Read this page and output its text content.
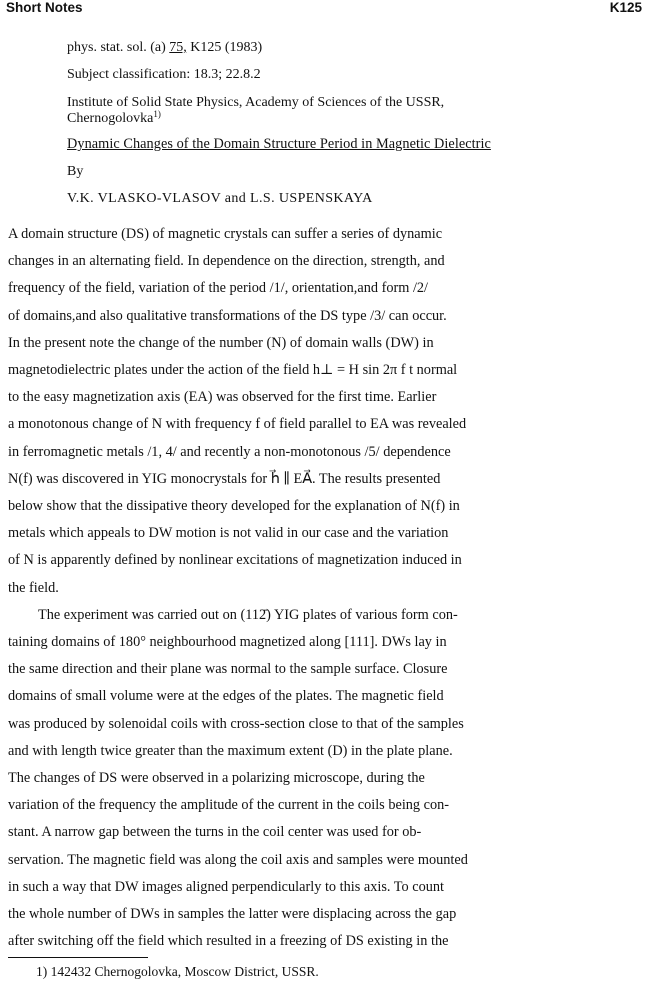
Short Notes	K125
phys. stat. sol. (a) 75, K125 (1983)
Subject classification: 18.3; 22.8.2
Institute of Solid State Physics, Academy of Sciences of the USSR,
Chernogolovka$^{1)}$
Dynamic Changes of the Domain Structure Period in Magnetic Dielectric
By
V.K. VLASKO-VLASOV and L.S. USPENSKAYA

A domain structure (DS) of magnetic crystals can suffer a series of dynamic
changes in an alternating field. In dependence on the direction, strength, and
frequency of the field, variation of the period /1/, orientation,and form /2/
of domains,and also qualitative transformations of the DS type /3/ can occur.
In the present note the change of the number (N) of domain walls (DW) in
magnetodielectric plates under the action of the field h⊥ = H sin 2π f t normal
to the easy magnetization axis (EA) was observed for the first time. Earlier
a monotonous change of N with frequency f of field parallel to EA was revealed
in ferromagnetic metals /1, 4/ and recently a non-monotonous /5/ dependence
N(f) was discovered in YIG monocrystals for h⃗ ∥ EA⃗. The results presented
below show that the dissipative theory developed for the explanation of N(f) in
metals which appeals to DW motion is not valid in our case and the variation
of N is apparently defined by nonlinear excitations of magnetization induced in
the field.

The experiment was carried out on (112̄) YIG plates of various form con-
taining domains of 180° neighbourhood magnetized along [111]. DWs lay in
the same direction and their plane was normal to the sample surface. Closure
domains of small volume were at the edges of the plates. The magnetic field
was produced by solenoidal coils with cross-section close to that of the samples
and with length twice greater than the maximum extent (D) in the plate plane.
The changes of DS were observed in a polarizing microscope, during the
variation of the frequency the amplitude of the current in the coils being con-
stant. A narrow gap between the turns in the coil center was used for ob-
servation. The magnetic field was along the coil axis and samples were mounted
in such a way that DW images aligned perpendicularly to this axis. To count
the whole number of DWs in samples the latter were displacing across the gap
after switching off the field which resulted in a freezing of DS existing in the

1) 142432 Chernogolovka, Moscow District, USSR.
